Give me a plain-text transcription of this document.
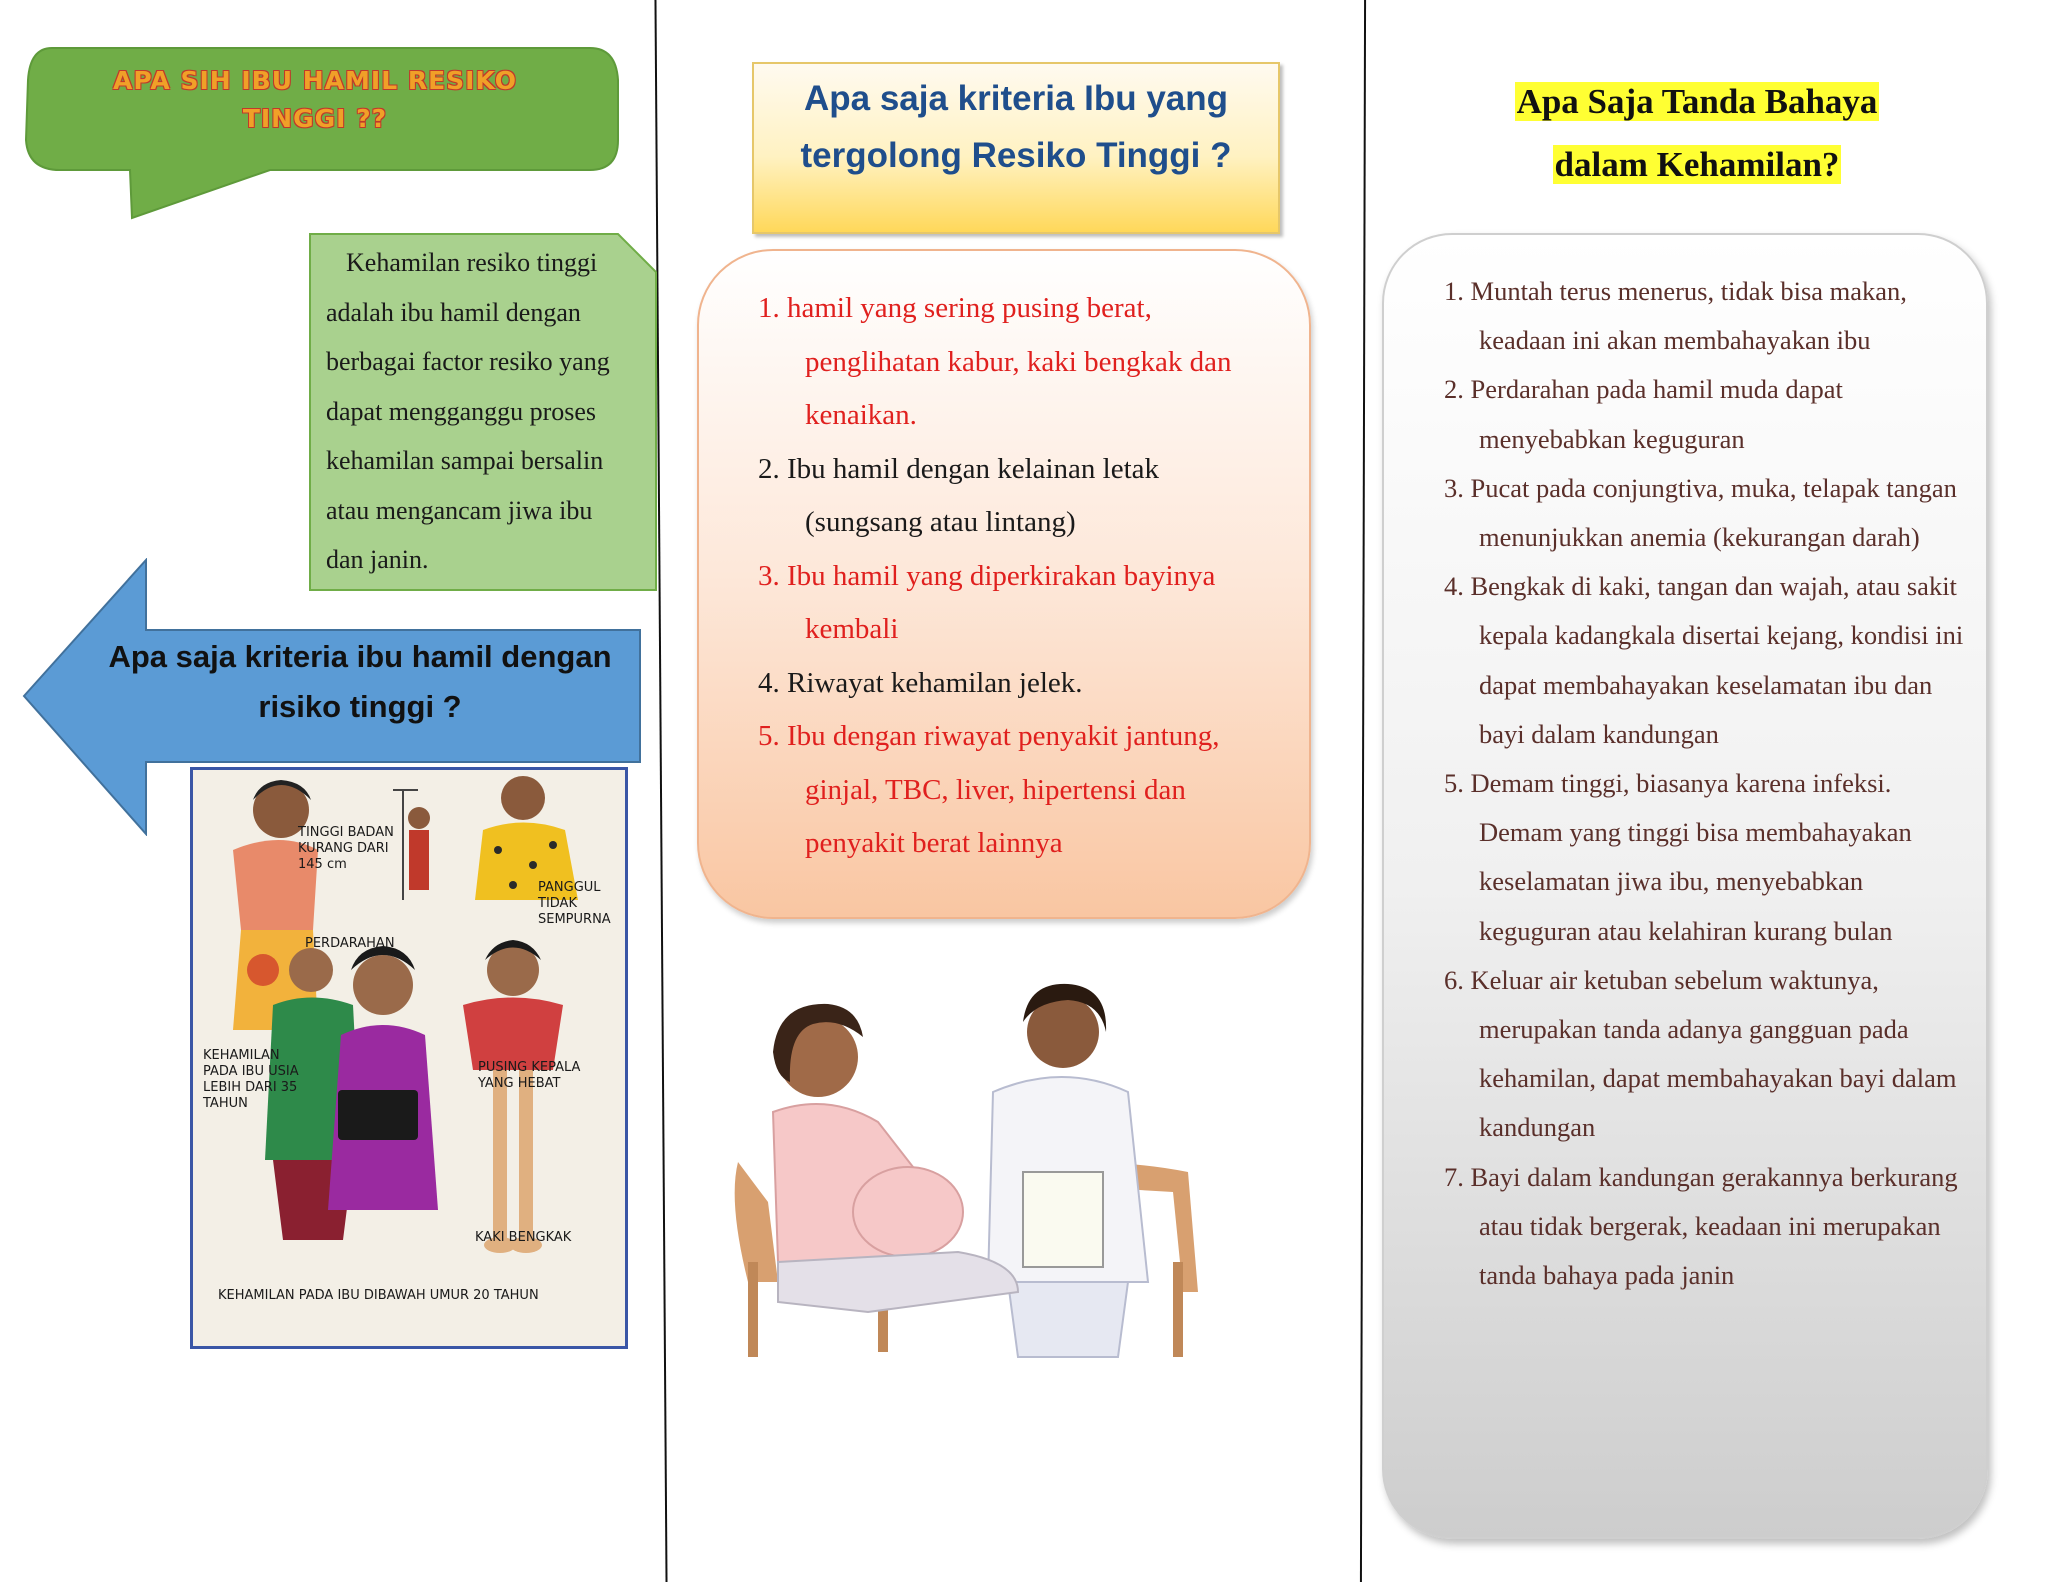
APA SIH IBU HAMIL RESIKO TINGGI ??
Kehamilan resiko tinggi adalah ibu hamil dengan berbagai factor resiko yang dapat mengganggu proses kehamilan sampai bersalin atau mengancam jiwa ibu dan janin.
Apa saja kriteria ibu hamil dengan risiko tinggi ?
TINGGI BADAN KURANG DARI 145 cm
PANGGUL TIDAK SEMPURNA
PERDARAHAN
KEHAMILAN PADA IBU USIA LEBIH DARI 35 TAHUN
PUSING KEPALA YANG HEBAT
KAKI BENGKAK
KEHAMILAN PADA IBU DIBAWAH UMUR 20 TAHUN
Apa saja kriteria Ibu yang tergolong Resiko Tinggi ?
1. hamil yang sering pusing berat, penglihatan kabur, kaki bengkak dan kenaikan.
2. Ibu hamil dengan kelainan letak (sungsang atau lintang)
3. Ibu hamil yang diperkirakan bayinya kembali
4. Riwayat kehamilan jelek.
5. Ibu dengan riwayat penyakit jantung, ginjal, TBC, liver, hipertensi dan penyakit berat lainnya
Apa Saja Tanda Bahaya
dalam Kehamilan?
1. Muntah terus menerus, tidak bisa makan, keadaan ini akan membahayakan ibu
2. Perdarahan pada hamil muda dapat menyebabkan keguguran
3. Pucat pada conjungtiva, muka, telapak tangan menunjukkan anemia (kekurangan darah)
4. Bengkak di kaki, tangan dan wajah, atau sakit kepala kadangkala disertai kejang, kondisi ini dapat membahayakan keselamatan ibu dan bayi dalam kandungan
5. Demam tinggi, biasanya karena infeksi. Demam yang tinggi bisa membahayakan keselamatan jiwa ibu, menyebabkan keguguran atau kelahiran kurang bulan
6. Keluar air ketuban sebelum waktunya, merupakan tanda adanya gangguan pada kehamilan, dapat membahayakan bayi dalam kandungan
7. Bayi dalam kandungan gerakannya berkurang atau tidak bergerak, keadaan ini merupakan tanda bahaya pada janin
